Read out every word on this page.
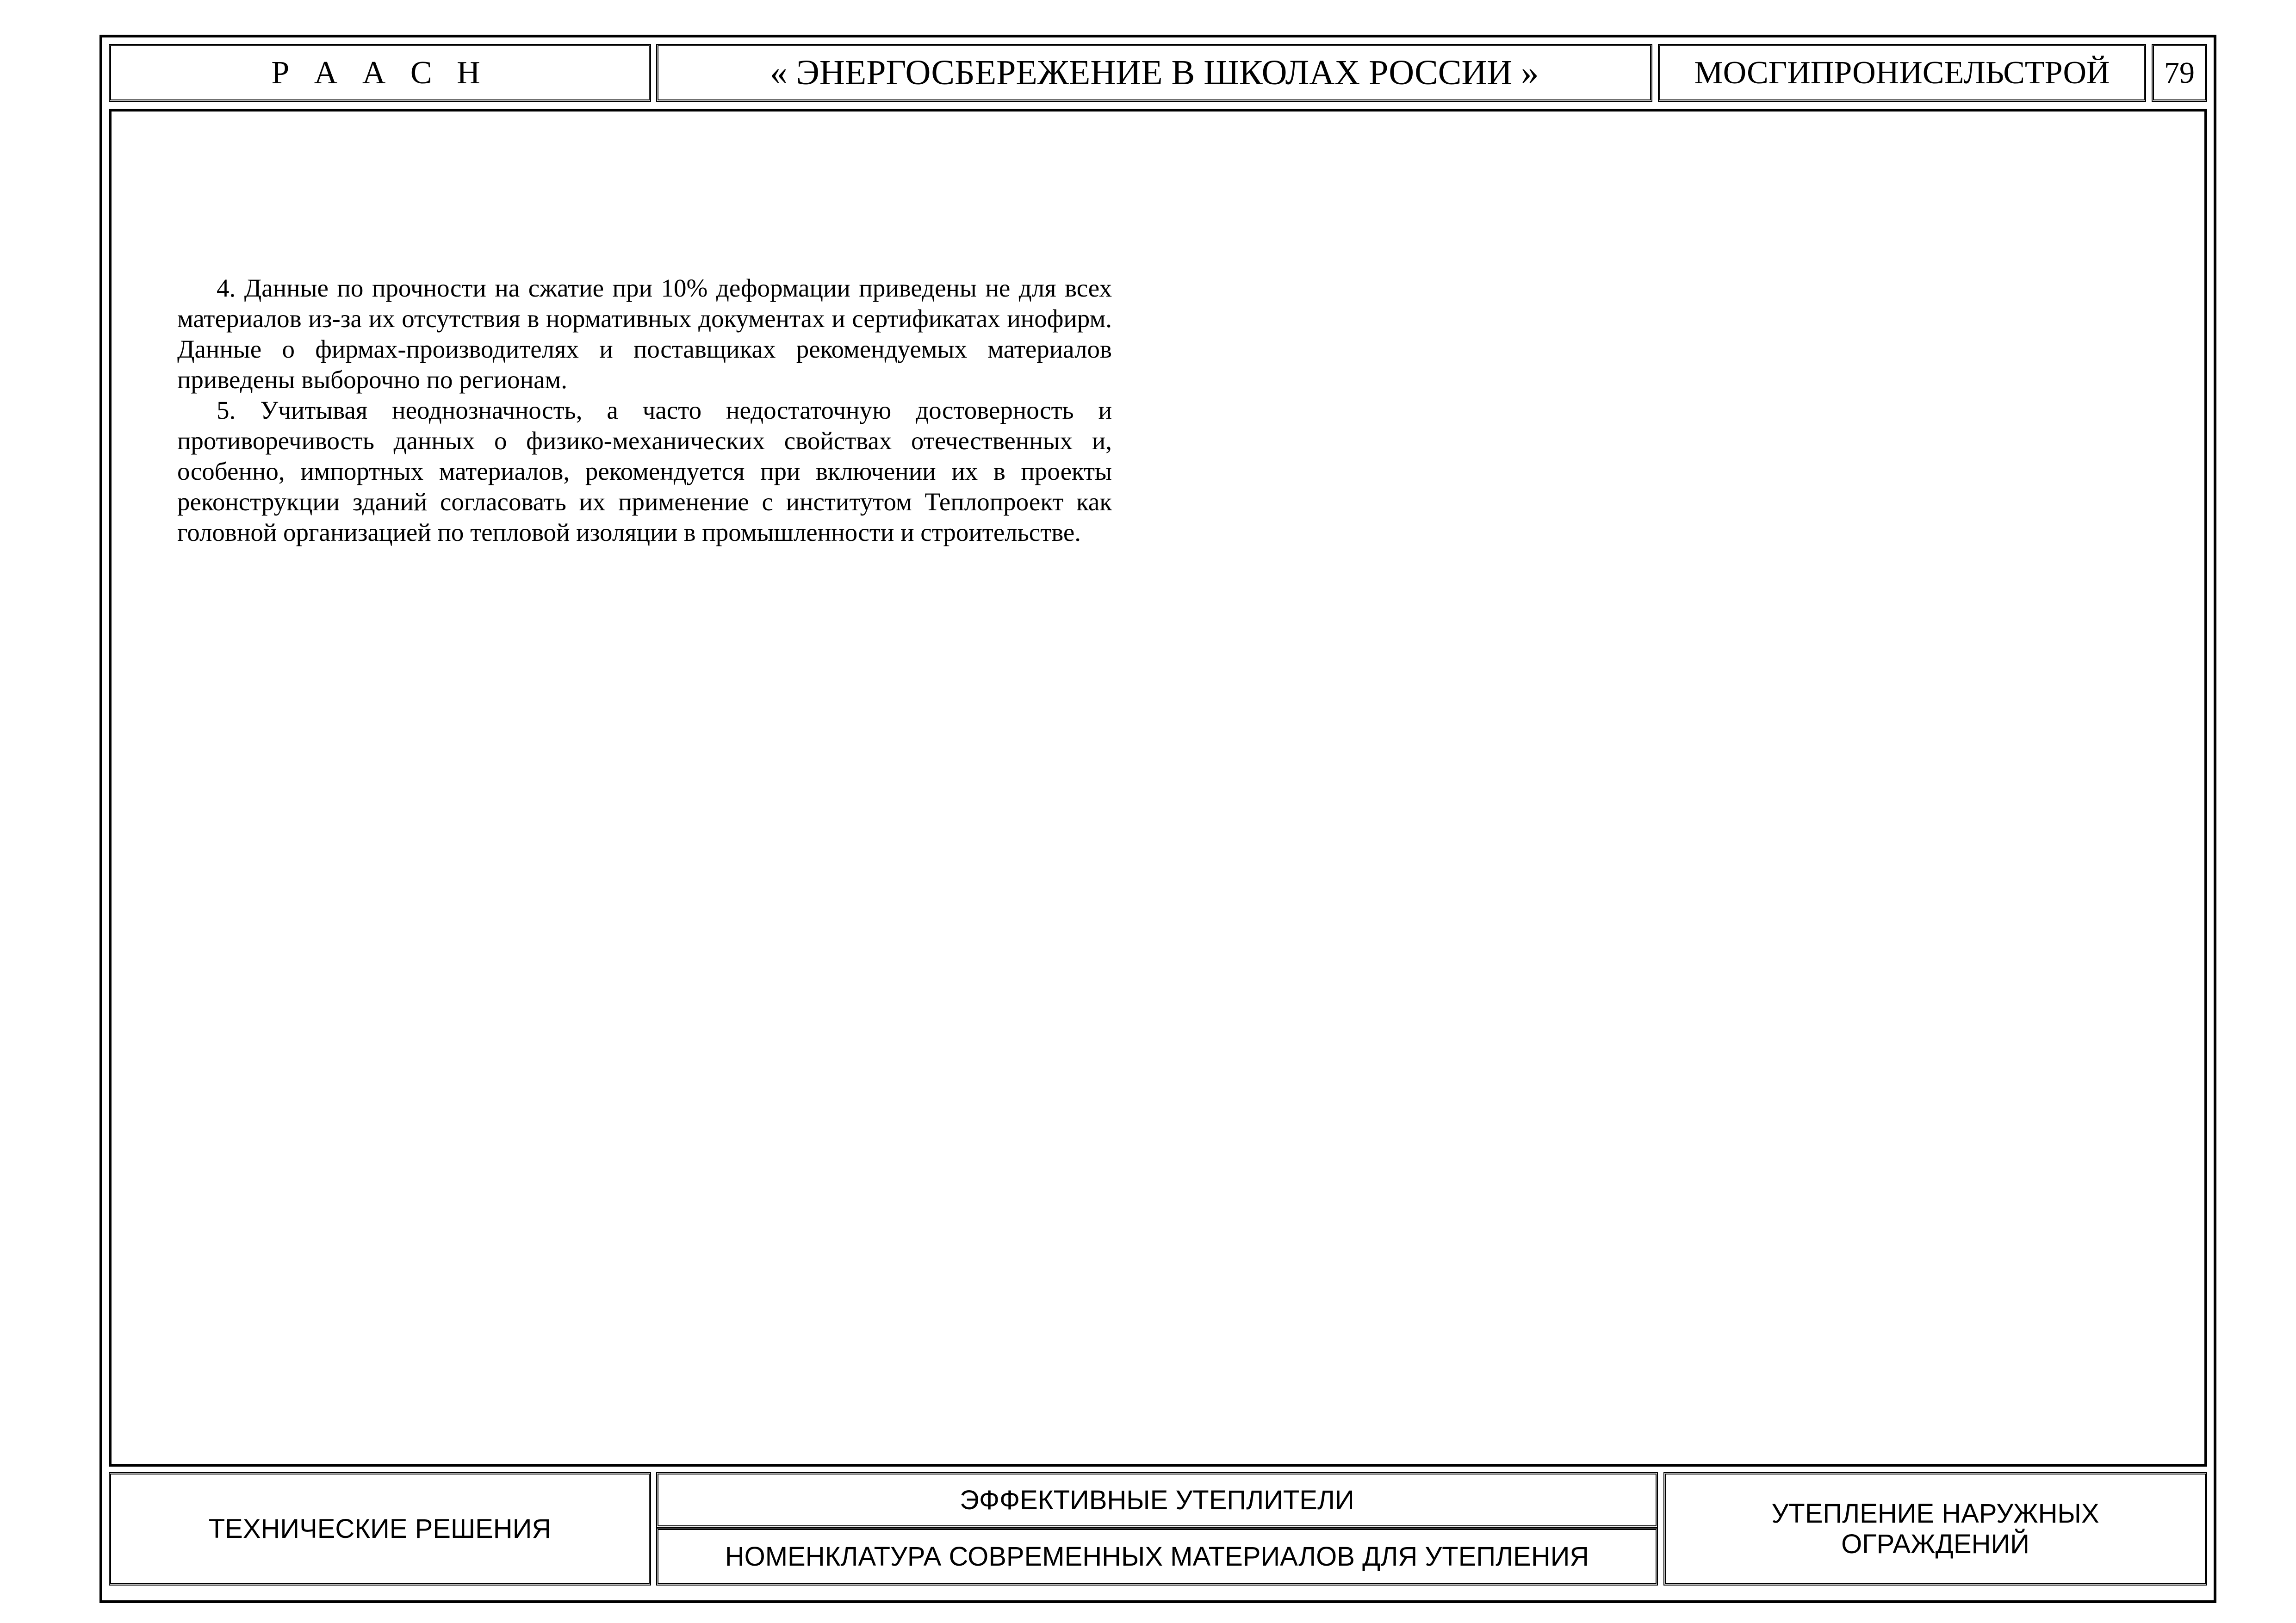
Р А А С Н	« ЭНЕРГОСБЕРЕЖЕНИЕ В ШКОЛАХ РОССИИ »	МОСГИПРОНИСЕЛЬСТРОЙ	79

4. Данные по прочности на сжатие при 10% деформации приведены не для всех материалов из-за их отсутствия в нормативных документах и сертификатах инофирм. Данные о фирмах-производителях и поставщиках рекомендуемых материалов приведены выборочно по регионам.

5. Учитывая неоднозначность, а часто недостаточную достоверность и противоречивость данных о физико-механических свойствах отечественных и, особенно, импортных материалов, рекомендуется при включении их в проекты реконструкции зданий согласовать их применение с институтом Теплопроект как головной организацией по тепловой изоляции в промышленности и строительстве.

ТЕХНИЧЕСКИЕ РЕШЕНИЯ
ЭФФЕКТИВНЫЕ УТЕПЛИТЕЛИ
НОМЕНКЛАТУРА СОВРЕМЕННЫХ МАТЕРИАЛОВ ДЛЯ УТЕПЛЕНИЯ
УТЕПЛЕНИЕ НАРУЖНЫХ ОГРАЖДЕНИЙ
